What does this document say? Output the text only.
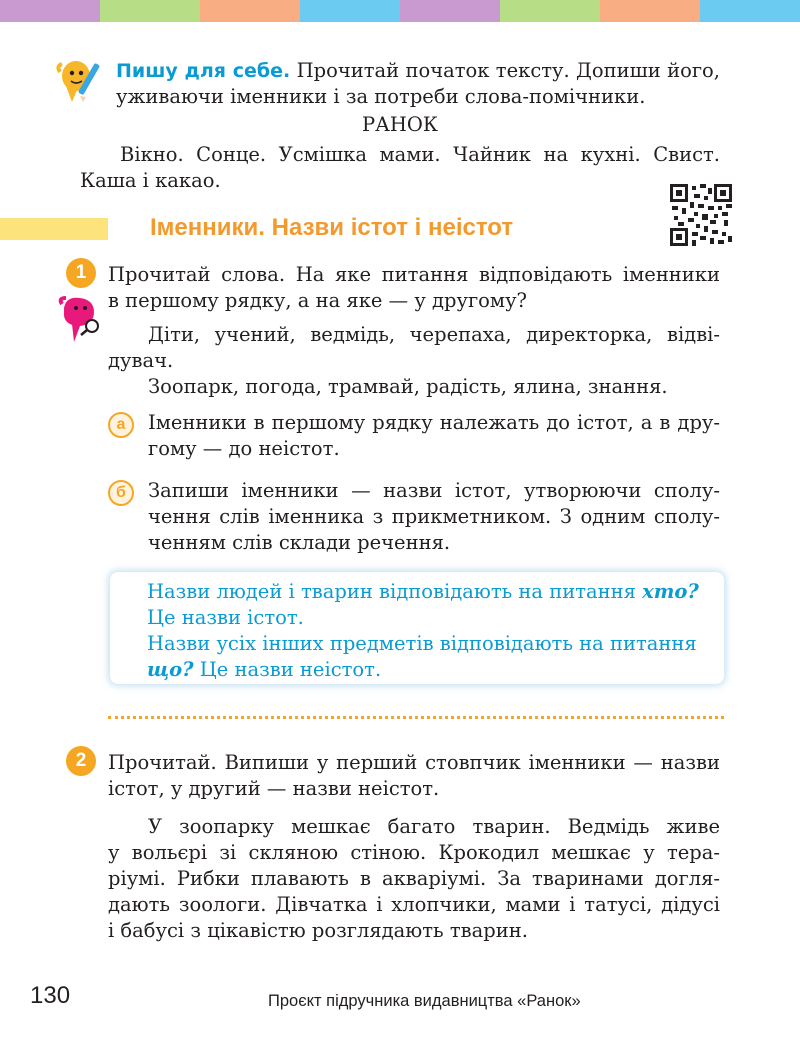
Пишу для себе. Прочитай початок тексту. Допиши його,
уживаючи іменники і за потреби слова-помічники.
РАНОК
Вікно. Сонце. Усмішка мами. Чайник на кухні. Свист.
Каша і какао.
Іменники. Назви істот і неістот
1	Прочитай слова. На яке питання відповідають іменники
в першому рядку, а на яке — у другому?
Діти, учений, ведмідь, черепаха, директорка, відві-
дувач.
Зоопарк, погода, трамвай, радість, ялина, знання.
а	Іменники в першому рядку належать до істот, а в дру-
гому — до неістот.
б	Запиши іменники — назви істот, утворюючи сполу-
чення слів іменника з прикметником. З одним сполу-
ченням слів склади речення.
Назви людей і тварин відповідають на питання хто?
Це назви істот.
Назви усіх інших предметів відповідають на питання
що? Це назви неістот.
2	Прочитай. Випиши у перший стовпчик іменники — назви
істот, у другий — назви неістот.
У зоопарку мешкає багато тварин. Ведмідь живе
у вольєрі зі скляною стіною. Крокодил мешкає у тера-
ріумі. Рибки плавають в акваріумі. За тваринами догля-
дають зоологи. Дівчатка і хлопчики, мами і татусі, дідусі
і бабусі з цікавістю розглядають тварин.
130	Проєкт підручника видавництва «Ранок»
